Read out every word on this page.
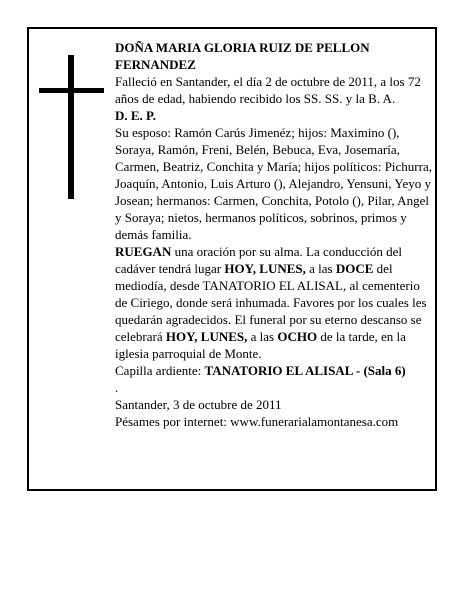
DOÑA MARIA GLORIA RUIZ DE PELLON FERNANDEZ

Falleció en Santander, el día 2 de octubre de 2011, a los 72 años de edad, habiendo recibido los SS. SS. y la B. A.

D. E. P.

Su esposo: Ramón Carús Jimenéz; hijos: Maximino (), Soraya, Ramón, Freni, Belén, Bebuca, Eva, Josemaría, Carmen, Beatriz, Conchita y María; hijos políticos: Pichurra, Joaquín, Antonio, Luis Arturo (), Alejandro, Yensuni, Yeyo y Josean; hermanos: Carmen, Conchita, Potolo (), Pilar, Angel y Soraya; nietos, hermanos políticos, sobrinos, primos y demás familia.

RUEGAN una oración por su alma. La conducción del cadáver tendrá lugar HOY, LUNES, a las DOCE del mediodía, desde TANATORIO EL ALISAL, al cementerio de Ciriego, donde será inhumada. Favores por los cuales les quedarán agradecidos. El funeral por su eterno descanso se celebrará HOY, LUNES, a las OCHO de la tarde, en la iglesia parroquial de Monte.

Capilla ardiente: TANATORIO EL ALISAL - (Sala 6)
.

Santander, 3 de octubre de 2011

Pésames por internet: www.funerarialamontanesa.com
